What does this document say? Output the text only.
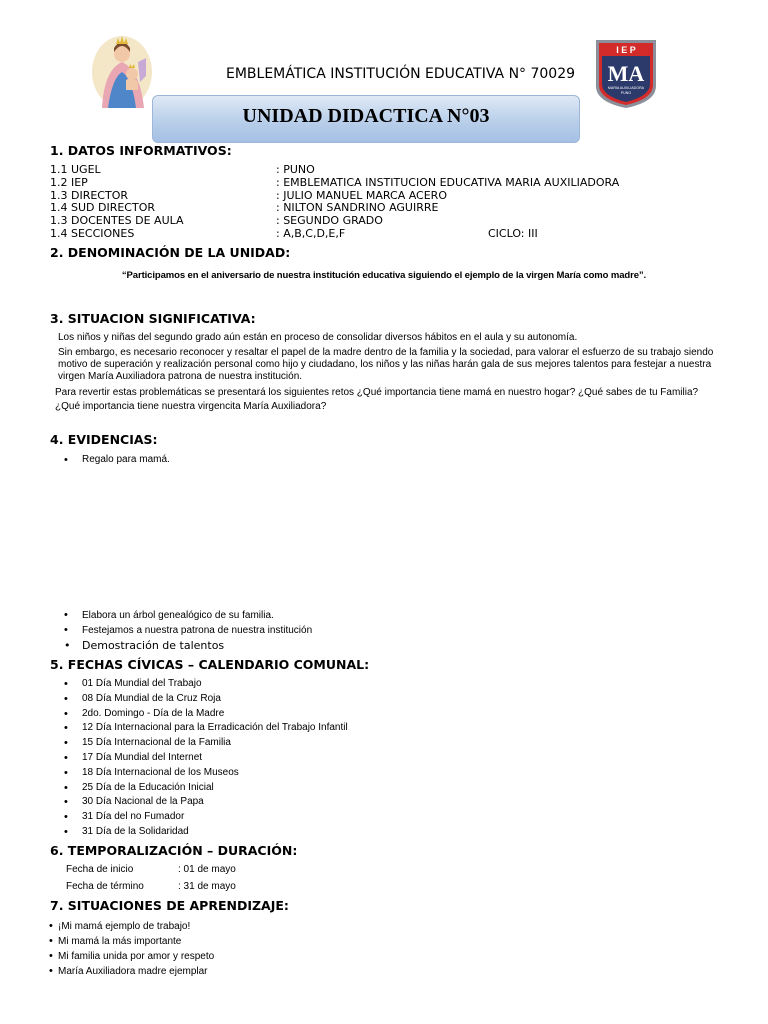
I E P
MA
MARIA AUXILIADORA
PUNO
EMBLEMÁTICA INSTITUCIÓN EDUCATIVA N° 70029
UNIDAD DIDACTICA N°03
1. DATOS INFORMATIVOS:
1.1 UGEL	: PUNO
1.2 IEP	: EMBLEMATICA INSTITUCION EDUCATIVA MARIA AUXILIADORA
1.3 DIRECTOR	: JULIO MANUEL MARCA ACERO
1.4 SUD DIRECTOR	: NILTON SANDRINO AGUIRRE
1.3 DOCENTES DE AULA	: SEGUNDO GRADO
1.4 SECCIONES	: A,B,C,D,E,F	CICLO: III
2. DENOMINACIÓN DE LA UNIDAD:
“Participamos en el aniversario de nuestra institución educativa siguiendo el ejemplo de la virgen María como madre”.
3. SITUACION SIGNIFICATIVA:
Los niños y niñas del segundo grado aún están en proceso de consolidar diversos hábitos en el aula y su autonomía.
Sin embargo, es necesario reconocer y resaltar el papel de la madre dentro de la familia y la sociedad, para valorar el esfuerzo de su trabajo siendo motivo de superación y realización personal como hijo y ciudadano, los niños y las niñas harán gala de sus mejores talentos para festejar a nuestra virgen María Auxiliadora patrona de nuestra institución.
Para revertir estas problemáticas se presentará los siguientes retos ¿Qué importancia tiene mamá en nuestro hogar? ¿Qué sabes de tu Familia? ¿Qué importancia tiene nuestra virgencita María Auxiliadora?
4. EVIDENCIAS:
• Regalo para mamá.
• Elabora un árbol genealógico de su familia.
• Festejamos a nuestra patrona de nuestra institución
• Demostración de talentos
5. FECHAS CÍVICAS – CALENDARIO COMUNAL:
• 01 Día Mundial del Trabajo
• 08 Día Mundial de la Cruz Roja
• 2do. Domingo - Día de la Madre
• 12 Día Internacional para la Erradicación del Trabajo Infantil
• 15 Día Internacional de la Familia
• 17 Día Mundial del Internet
• 18 Día Internacional de los Museos
• 25 Día de la Educación Inicial
• 30 Día Nacional de la Papa
• 31 Día del no Fumador
• 31 Día de la Solidaridad
6. TEMPORALIZACIÓN – DURACIÓN:
Fecha de inicio	: 01 de mayo
Fecha de término	: 31 de mayo
7. SITUACIONES DE APRENDIZAJE:
• ¡Mi mamá ejemplo de trabajo!
• Mi mamá la más importante
• Mi familia unida por amor y respeto
• María Auxiliadora madre ejemplar
